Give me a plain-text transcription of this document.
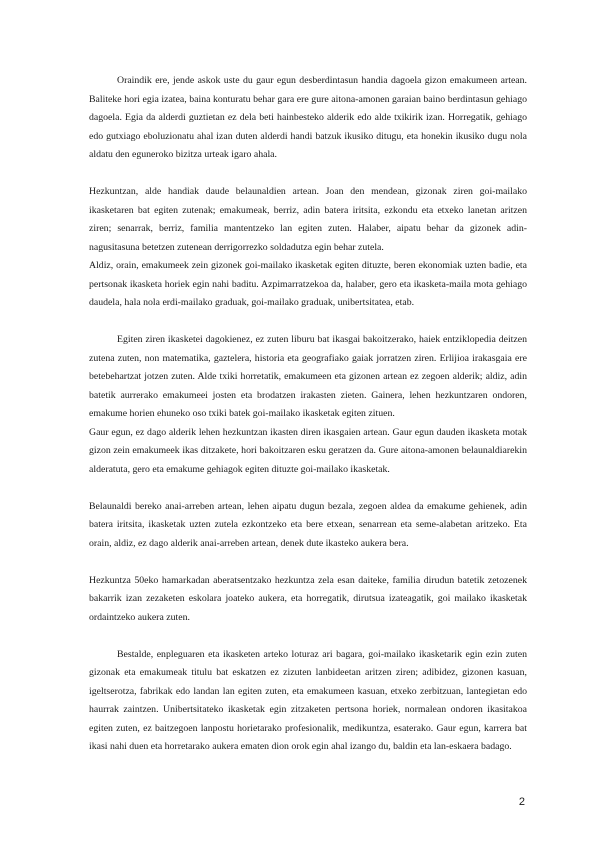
Oraindik ere, jende askok uste du gaur egun desberdintasun handia dagoela gizon emakumeen artean. Baliteke hori egia izatea, baina konturatu behar gara ere gure aitona-amonen garaian baino berdintasun gehiago dagoela. Egia da alderdi guztietan ez dela beti hainbesteko alderik edo alde txikirik izan. Horregatik, gehiago edo gutxiago eboluzionatu ahal izan duten alderdi handi batzuk ikusiko ditugu, eta honekin ikusiko dugu nola aldatu den eguneroko bizitza urteak igaro ahala.

Hezkuntzan, alde handiak daude belaunaldien artean. Joan den mendean, gizonak ziren goi-mailako ikasketaren bat egiten zutenak; emakumeak, berriz, adin batera iritsita, ezkondu eta etxeko lanetan aritzen ziren; senarrak, berriz, familia mantentzeko lan egiten zuten. Halaber, aipatu behar da gizonek adin-nagusitasuna betetzen zutenean derrigorrezko soldadutza egin behar zutela.

Aldiz, orain, emakumeek zein gizonek goi-mailako ikasketak egiten dituzte, beren ekonomiak uzten badie, eta pertsonak ikasketa horiek egin nahi baditu. Azpimarratzekoa da, halaber, gero eta ikasketa-maila mota gehiago daudela, hala nola erdi-mailako graduak, goi-mailako graduak, unibertsitatea, etab.

Egiten ziren ikasketei dagokienez, ez zuten liburu bat ikasgai bakoitzerako, haiek entziklopedia deitzen zutena zuten, non matematika, gaztelera, historia eta geografiako gaiak jorratzen ziren. Erlijioa irakasgaia ere betebehartzat jotzen zuten. Alde txiki horretatik, emakumeen eta gizonen artean ez zegoen alderik; aldiz, adin batetik aurrerako emakumeei josten eta brodatzen irakasten zieten. Gainera, lehen hezkuntzaren ondoren, emakume horien ehuneko oso txiki batek goi-mailako ikasketak egiten zituen.

Gaur egun, ez dago alderik lehen hezkuntzan ikasten diren ikasgaien artean. Gaur egun dauden ikasketa motak gizon zein emakumeek ikas ditzakete, hori bakoitzaren esku geratzen da. Gure aitona-amonen belaunaldiarekin alderatuta, gero eta emakume gehiagok egiten dituzte goi-mailako ikasketak.

Belaunaldi bereko anai-arreben artean, lehen aipatu dugun bezala, zegoen aldea da emakume gehienek, adin batera iritsita, ikasketak uzten zutela ezkontzeko eta bere etxean, senarrean eta seme-alabetan aritzeko. Eta orain, aldiz, ez dago alderik anai-arreben artean, denek dute ikasteko aukera bera.

Hezkuntza 50eko hamarkadan aberatsentzako hezkuntza zela esan daiteke, familia dirudun batetik zetozenek bakarrik izan zezaketen eskolara joateko aukera, eta horregatik, dirutsua izateagatik, goi mailako ikasketak ordaintzeko aukera zuten.

Bestalde, enpleguaren eta ikasketen arteko loturaz ari bagara, goi-mailako ikasketarik egin ezin zuten gizonak eta emakumeak titulu bat eskatzen ez zizuten lanbideetan aritzen ziren; adibidez, gizonen kasuan, igeltserotza, fabrikak edo landan lan egiten zuten, eta emakumeen kasuan, etxeko zerbitzuan, lantegietan edo haurrak zaintzen. Unibertsitateko ikasketak egin zitzaketen pertsona horiek, normalean ondoren ikasitakoa egiten zuten, ez baitzegoen lanpostu horietarako profesionalik, medikuntza, esaterako. Gaur egun, karrera bat ikasi nahi duen eta horretarako aukera ematen dion orok egin ahal izango du, baldin eta lan-eskaera badago.

2
